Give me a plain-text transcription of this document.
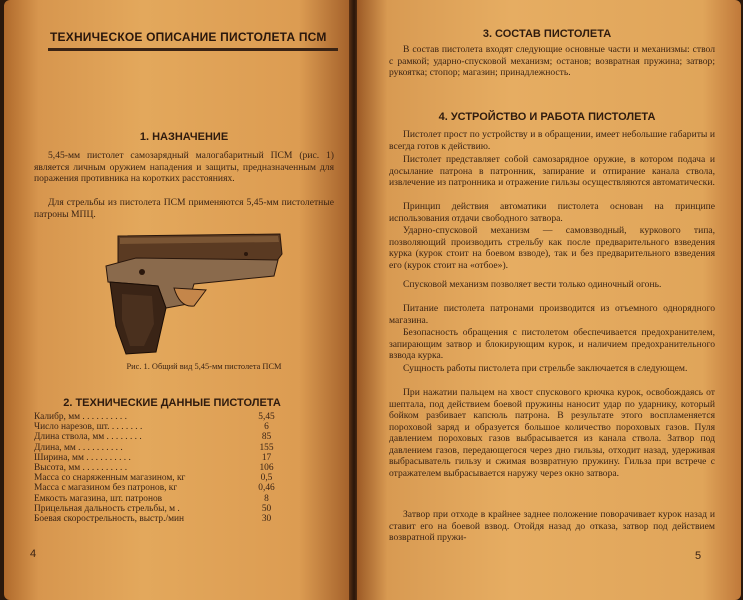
ТЕХНИЧЕСКОЕ ОПИСАНИЕ ПИСТОЛЕТА ПСМ
1. НАЗНАЧЕНИЕ
5,45-мм пистолет самозарядный малогабаритный ПСМ (рис. 1) является личным оружием нападения и защиты, предназначенным для поражения противника на коротких расстояниях.
Для стрельбы из пистолета ПСМ применяются 5,45-мм пистолетные патроны МПЦ.
Рис. 1. Общий вид 5,45-мм пистолета ПСМ
2. ТЕХНИЧЕСКИЕ ДАННЫЕ ПИСТОЛЕТА
Калибр, мм . . . . . . . . . .	5,45
Число нарезов, шт. . . . . . . .	6
Длина ствола, мм . . . . . . . .	85
Длина, мм . . . . . . . . . .	155
Ширина, мм . . . . . . . . . .	17
Высота, мм . . . . . . . . . .	106
Масса со снаряженным магазином, кг	0,5
Масса с магазином без патронов, кг	0,46
Емкость магазина, шт. патронов	8
Прицельная дальность стрельбы, м .	50
Боевая скорострельность, выстр./мин	30
4
3. СОСТАВ ПИСТОЛЕТА
В состав пистолета входят следующие основные части и механизмы: ствол с рамкой; ударно-спусковой механизм; останов; возвратная пружина; затвор; рукоятка; стопор; магазин; принадлежность.
4. УСТРОЙСТВО И РАБОТА ПИСТОЛЕТА
Пистолет прост по устройству и в обращении, имеет небольшие габариты и всегда готов к действию.
Пистолет представляет собой самозарядное оружие, в котором подача и досылание патрона в патронник, запирание и отпирание канала ствола, извлечение из патронника и отражение гильзы осуществляются автоматически.
Принцип действия автоматики пистолета основан на принципе использования отдачи свободного затвора.
Ударно-спусковой механизм — самовзводный, куркового типа, позволяющий производить стрельбу как после предварительного взведения курка (курок стоит на боевом взводе), так и без предварительного взведения его (курок стоит на «отбое»).
Спусковой механизм позволяет вести только одиночный огонь.
Питание пистолета патронами производится из отъемного однорядного магазина.
Безопасность обращения с пистолетом обеспечивается предохранителем, запирающим затвор и блокирующим курок, и наличием предохранительного взвода курка.
Сущность работы пистолета при стрельбе заключается в следующем.
При нажатии пальцем на хвост спускового крючка курок, освобождаясь от шептала, под действием боевой пружины наносит удар по ударнику, который бойком разбивает капсюль патрона. В результате этого воспламеняется пороховой заряд и образуется большое количество пороховых газов. Пуля давлением пороховых газов выбрасывается из канала ствола. Затвор под давлением газов, передающегося через дно гильзы, отходит назад, удерживая выбрасыватель гильзу и сжимая возвратную пружину. Гильза при встрече с отражателем выбрасывается наружу через окно затвора.
Затвор при отходе в крайнее заднее положение поворачивает курок назад и ставит его на боевой взвод. Отойдя назад до отказа, затвор под действием возвратной пружи-
5
